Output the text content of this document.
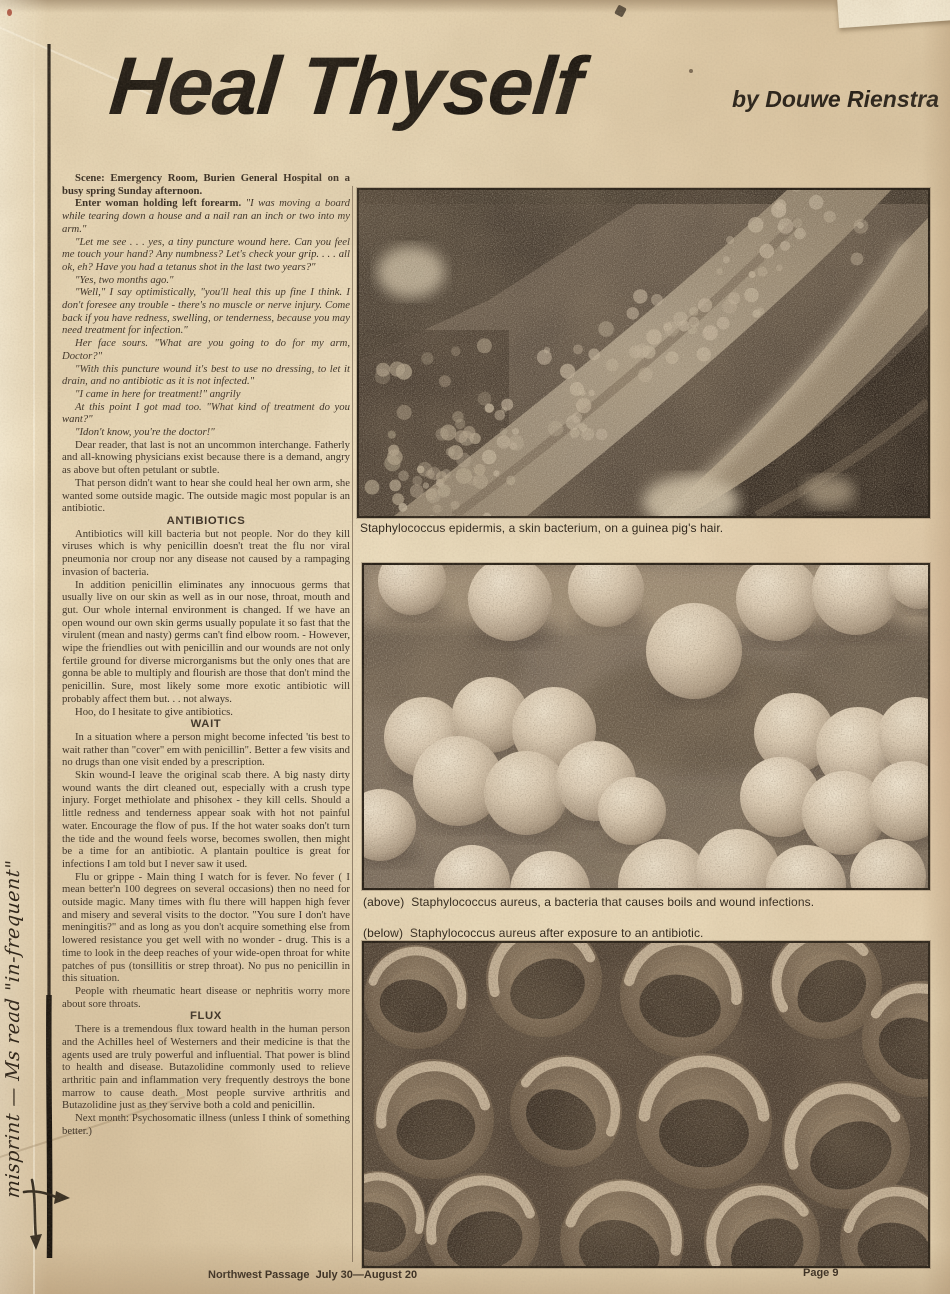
Heal Thyself	by Douwe Rienstra

Scene: Emergency Room, Burien General Hospital on a busy spring Sunday afternoon.

Enter woman holding left forearm. "I was moving a board while tearing down a house and a nail ran an inch or two into my arm."

"Let me see . . . yes, a tiny puncture wound here. Can you feel me touch your hand? Any numbness? Let's check your grip. . . . all ok, eh? Have you had a tetanus shot in the last two years?"

"Yes, two months ago."

"Well," I say optimistically, "you'll heal this up fine I think. I don't foresee any trouble - there's no muscle or nerve injury. Come back if you have redness, swelling, or tenderness, because you may need treatment for infection."

Her face sours. "What are you going to do for my arm, Doctor?"

"With this puncture wound it's best to use no dressing, to let it drain, and no antibiotic as it is not infected."

"I came in here for treatment!" angrily

At this point I got mad too. "What kind of treatment do you want?"

"Idon't know, you're the doctor!"

Dear reader, that last is not an uncommon interchange. Fatherly and all-knowing physicians exist because there is a demand, angry as above but often petulant or subtle.

That person didn't want to hear she could heal her own arm, she wanted some outside magic. The outside magic most popular is an antibiotic.

ANTIBIOTICS

Antibiotics will kill bacteria but not people. Nor do they kill viruses which is why penicillin doesn't treat the flu nor viral pneumonia nor croup nor any disease not caused by a rampaging invasion of bacteria.

In addition penicillin eliminates any innocuous germs that usually live on our skin as well as in our nose, throat, mouth and gut. Our whole internal environment is changed. If we have an open wound our own skin germs usually populate it so fast that the virulent (mean and nasty) germs can't find elbow room. - However, wipe the friendlies out with penicillin and our wounds are not only fertile ground for diverse microrganisms but the only ones that are gonna be able to multiply and flourish are those that don't mind the penicillin. Sure, most likely some more exotic antibiotic will probably affect them but. . . not always.

Hoo, do I hesitate to give antibiotics.

WAIT

In a situation where a person might become infected 'tis best to wait rather than "cover" em with penicillin". Better a few visits and no drugs than one visit ended by a prescription.

Skin wound-I leave the original scab there. A big nasty dirty wound wants the dirt cleaned out, especially with a crush type injury. Forget methiolate and phisohex - they kill cells. Should a little redness and tenderness appear soak with hot not painful water. Encourage the flow of pus. If the hot water soaks don't turn the tide and the wound feels worse, becomes swollen, then might be a time for an antibiotic. A plantain poultice is great for infections I am told but I never saw it used.

Flu or grippe - Main thing I watch for is fever. No fever ( I mean better'n 100 degrees on several occasions) then no need for outside magic. Many times with flu there will happen high fever and misery and several visits to the doctor. "You sure I don't have meningitis?" and as long as you don't acquire something else from lowered resistance you get well with no wonder - drug. This is a time to look in the deep reaches of your wide-open throat for white patches of pus (tonsillitis or strep throat). No pus no penicillin in this situation.

People with rheumatic heart disease or nephritis worry more about sore throats.

FLUX

There is a tremendous flux toward health in the human person and the Achilles heel of Westerners and their medicine is that the agents used are truly powerful and influential. That power is blind to health and disease. Butazolidine commonly used to relieve arthritic pain and inflammation very frequently destroys the bone marrow to cause death. Most people survive arthritis and Butazolidine just as they servive both a cold and penicillin.

Next month: Psychosomatic illness (unless I think of something better.)

Staphylococcus epidermis, a skin bacterium, on a guinea pig's hair.
(above)  Staphylococcus aureus, a bacteria that causes boils and wound infections.
(below)  Staphylococcus aureus after exposure to an antibiotic.
misprint — Ms read "in-frequent"
Northwest Passage  July 30—August 20	Page 9
